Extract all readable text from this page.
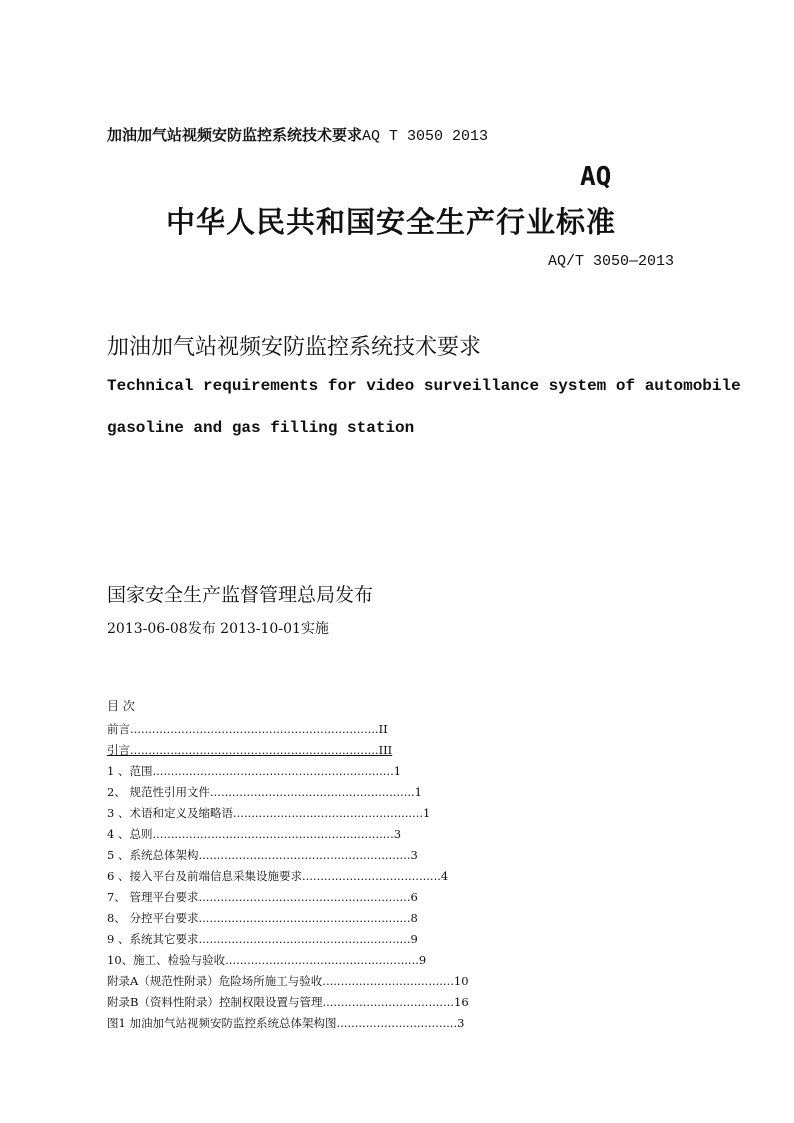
加油加气站视频安防监控系统技术要求AQ T 3050 2013
AQ
中华人民共和国安全生产行业标准
AQ/T 3050—2013
加油加气站视频安防监控系统技术要求
Technical requirements for video surveillance system of automobile
gasoline and gas filling station
国家安全生产监督管理总局发布
2013-06-08发布 2013-10-01实施
目 次
前言....................................................................II
引言....................................................................III
1 、范围..................................................................1
2、 规范性引用文件........................................................1
3 、术语和定义及缩略语....................................................1
4 、总则..................................................................3
5 、系统总体架构..........................................................3
6 、接入平台及前端信息采集设施要求......................................4
7、 管理平台要求..........................................................6
8、 分控平台要求..........................................................8
9 、系统其它要求..........................................................9
10、施工、检验与验收.....................................................9
附录A（规范性附录）危险场所施工与验收....................................10
附录B（资料性附录）控制权限设置与管理....................................16
图1 加油加气站视频安防监控系统总体架构图.................................3
